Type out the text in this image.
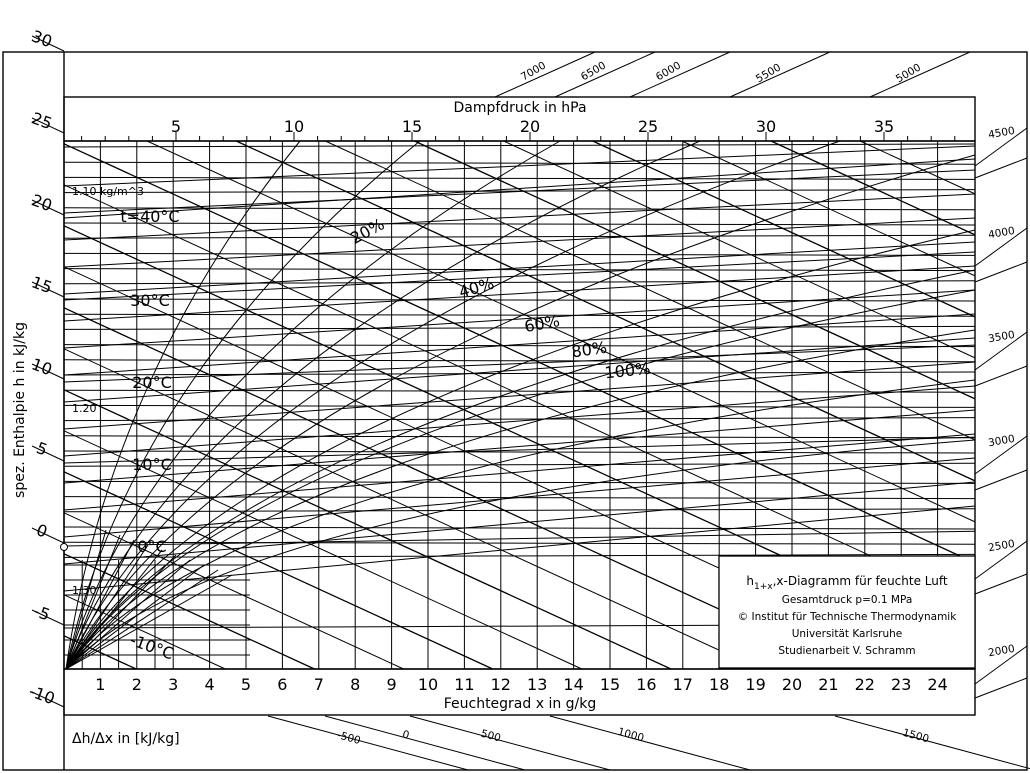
Dampfdruck in hPa
Feuchtegrad x in g/kg
spez. Enthalpie h in kJ/kg
Δh/Δx in [kJ/kg]
1 2 3 4 5 6 7 8 9 10 11 12 13 14 15 16 17 18 19 20 21 22 23 24
5	10	15	20	25	30	35
30
25
20
15
10
5
0
-5
-10
t=40°C
30°C
20°C
10°C
0°C
-10°C
20%
40%
60%
80%
100%
1.10 kg/m^3
1.20
1.30
4500
4000
3500
3000
2500
2000
7000	6500	6000	5500	5000
-500	0	500	1000	1500
$h_{1+x},x$-Diagramm für feuchte Luft
Gesamtdruck p=0.1 MPa
© Institut für Technische Thermodynamik
Universität Karlsruhe
Studienarbeit V. Schramm
